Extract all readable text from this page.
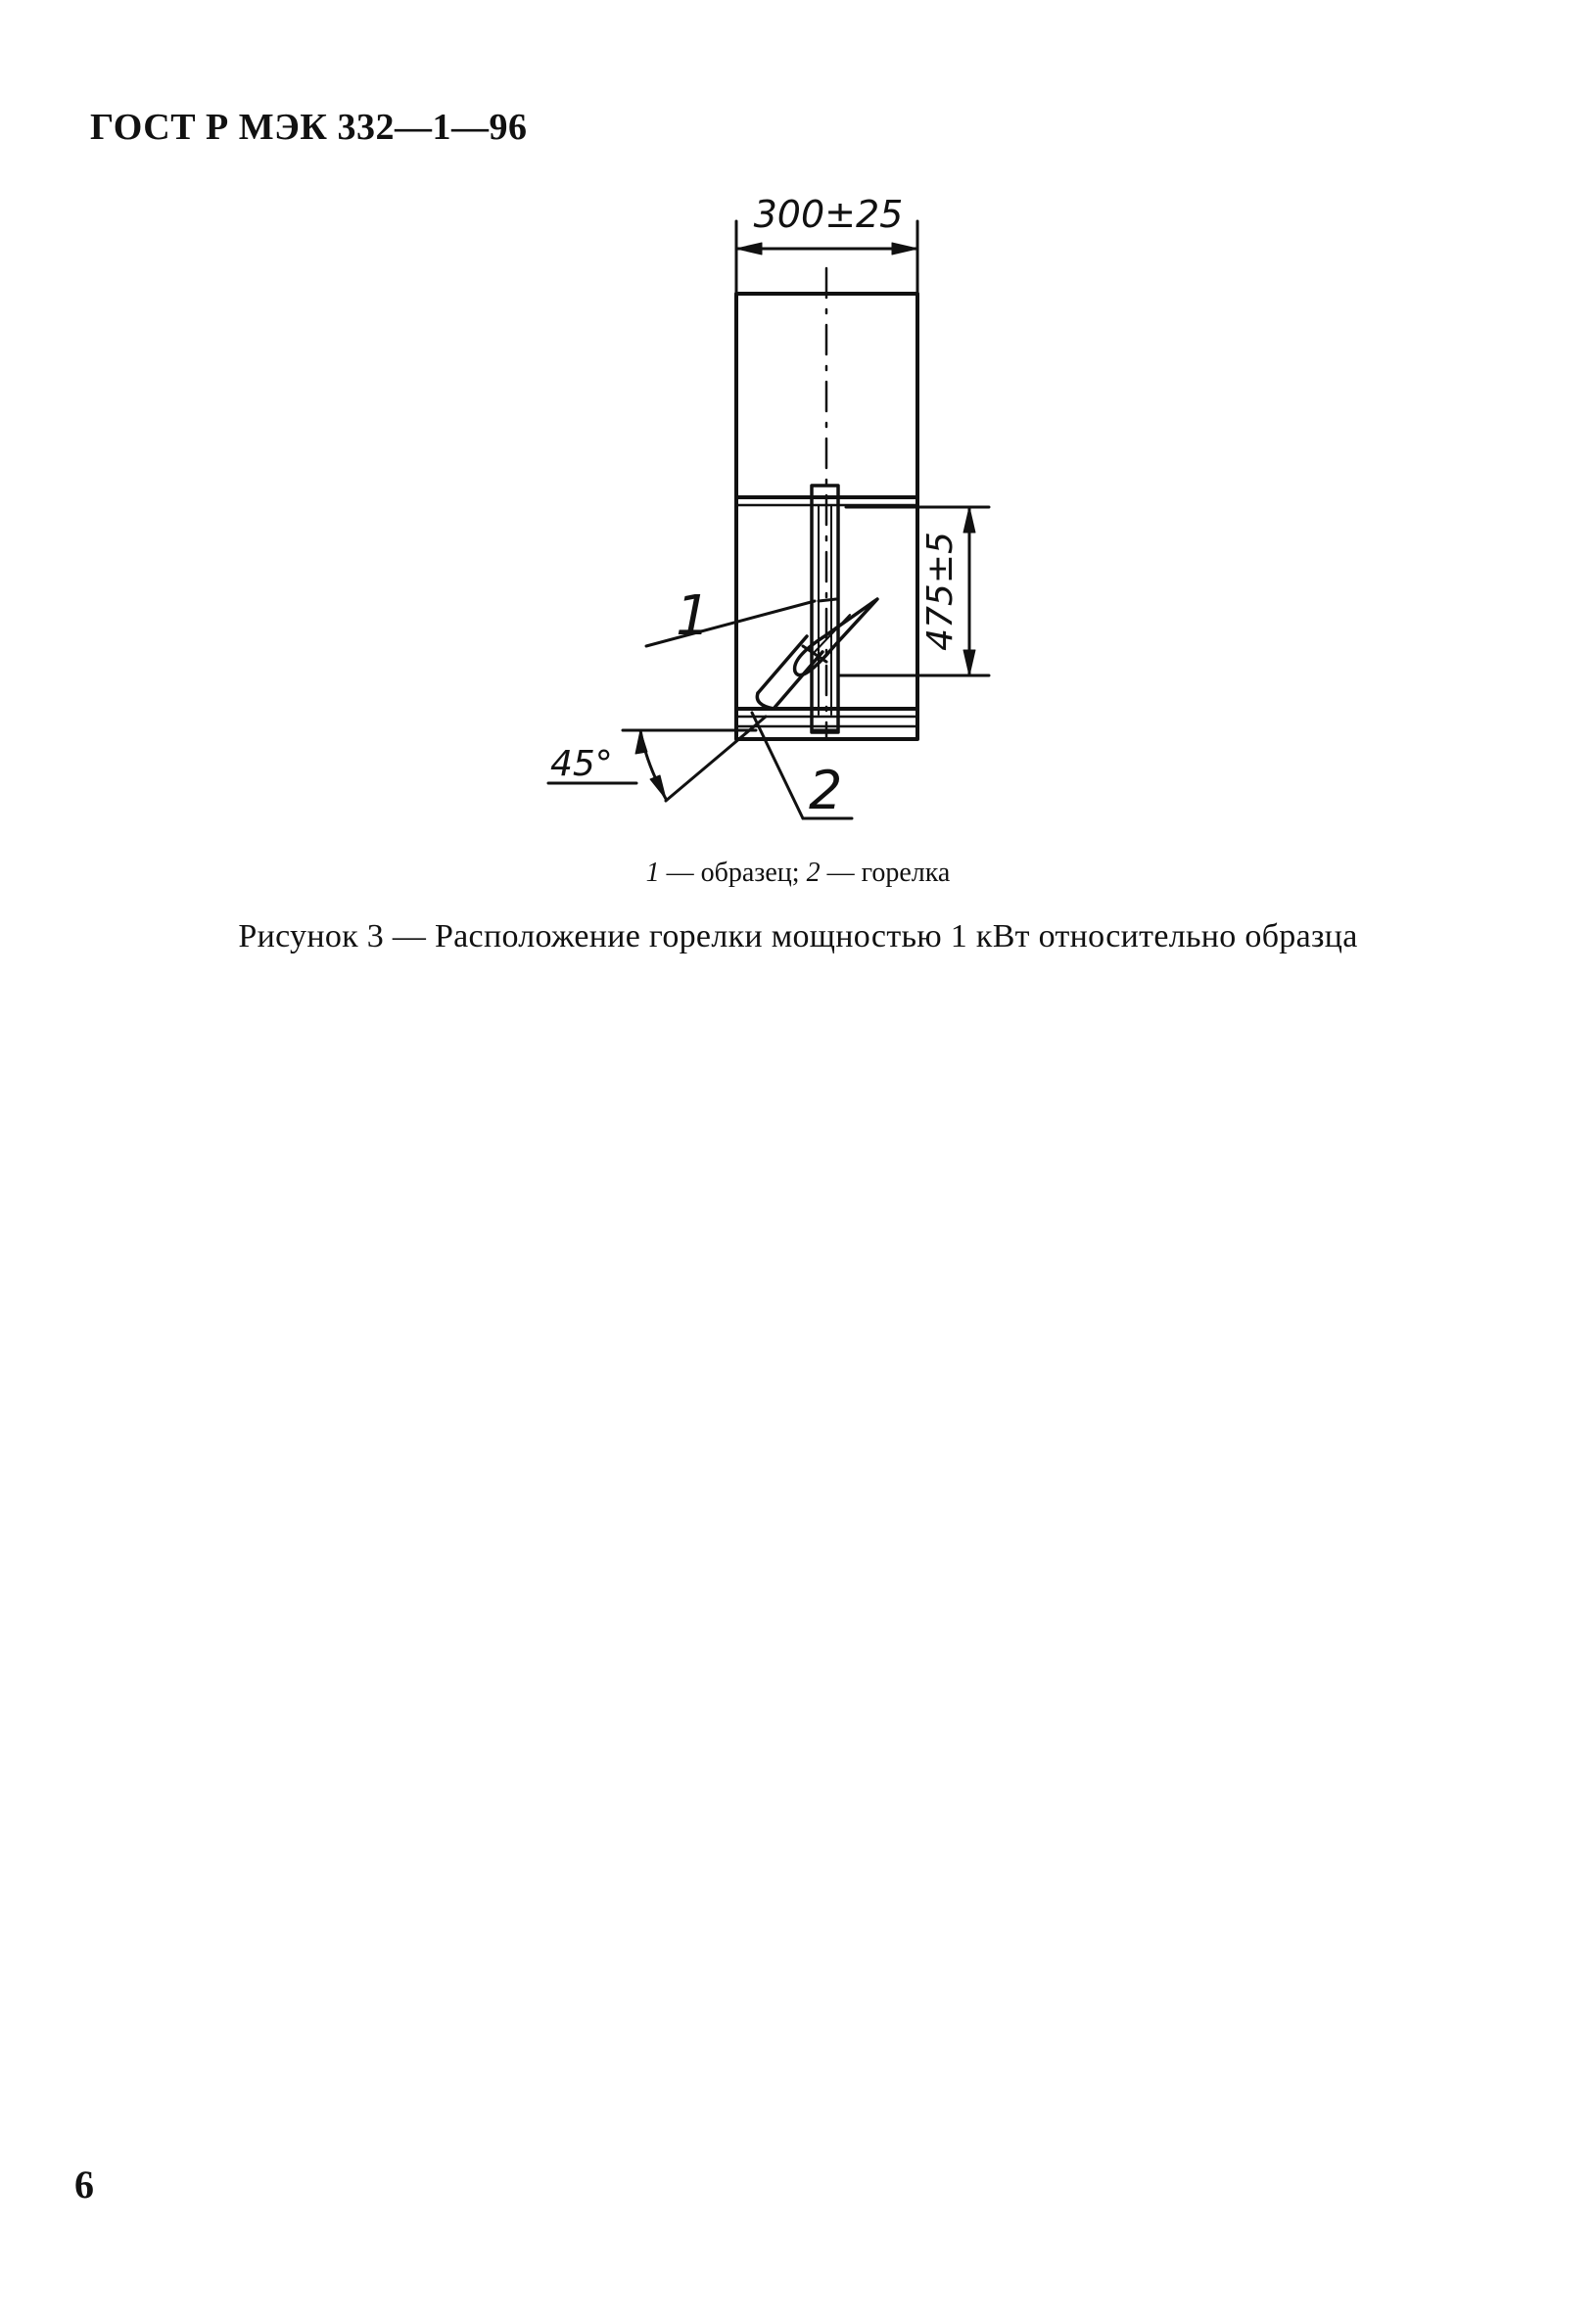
ГОСТ Р МЭК 332—1—96
300±25
475±5
1
2
45°
1 — образец; 2 — горелка
Рисунок 3 — Расположение горелки мощностью 1 кВт относительно образца
6
